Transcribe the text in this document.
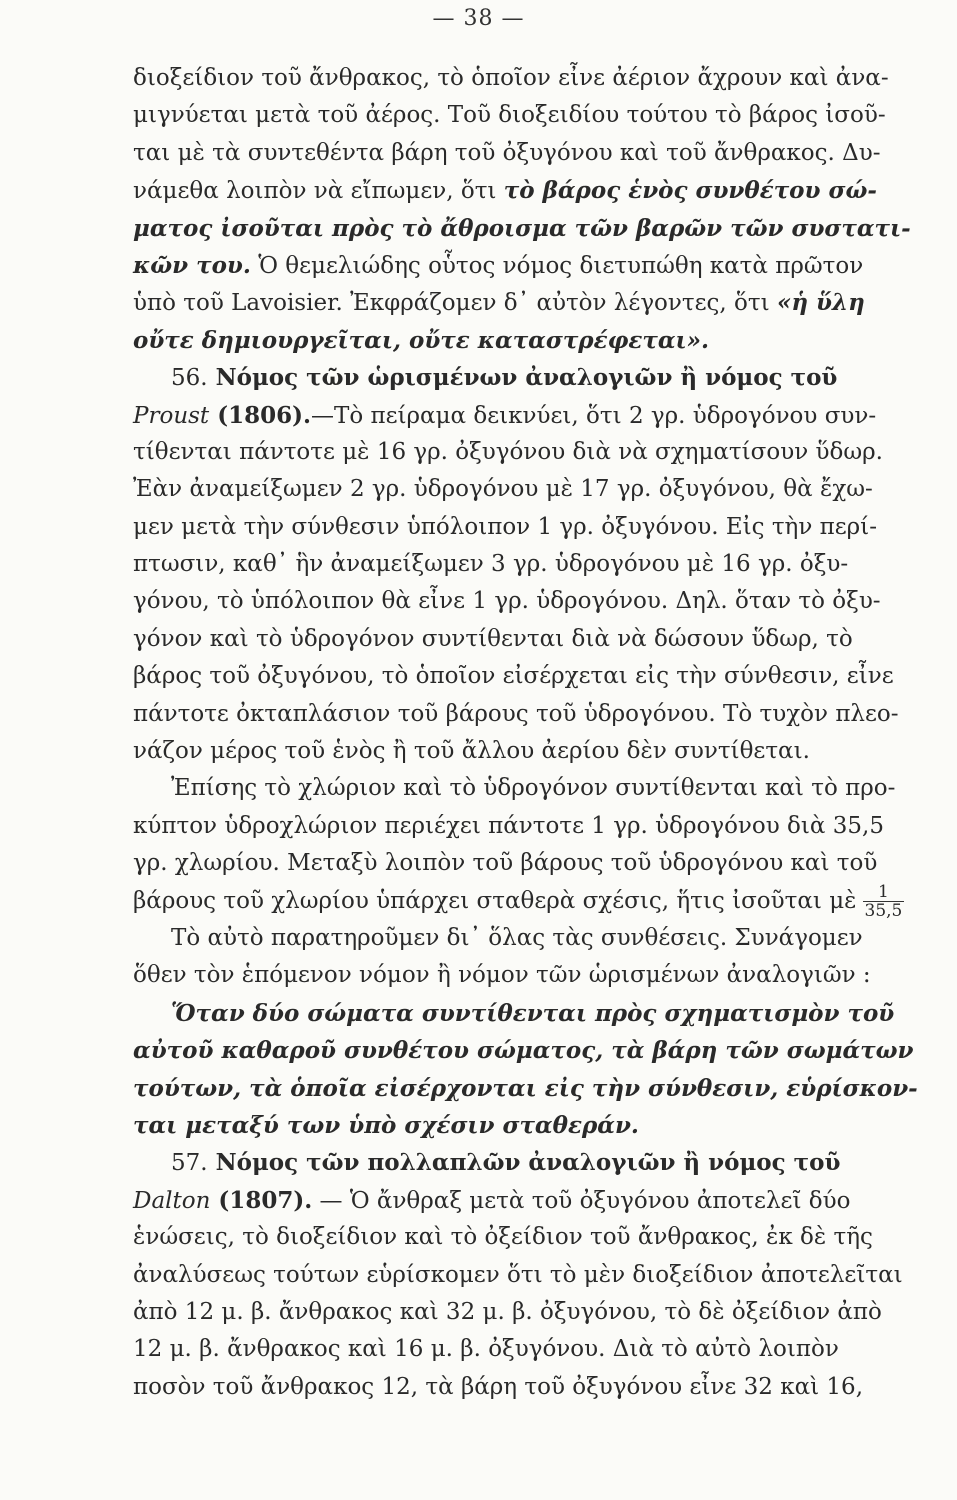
— 38 —
διοξείδιον τοῦ ἄνθρακος, τὸ ὁποῖον εἶνε ἀέριον ἄχρουν καὶ ἀνα-
μιγνύεται μετὰ τοῦ ἀέρος. Τοῦ διοξειδίου τούτου τὸ βάρος ἰσοῦ-
ται μὲ τὰ συντεθέντα βάρη τοῦ ὀξυγόνου καὶ τοῦ ἄνθρακος. Δυ-
νάμεθα λοιπὸν νὰ εἴπωμεν, ὅτι τὸ βάρος ἑνὸς συνθέτου σώ-
ματος ἰσοῦται πρὸς τὸ ἄθροισμα τῶν βαρῶν τῶν συστατι-
κῶν του. Ὁ θεμελιώδης οὗτος νόμος διετυπώθη κατὰ πρῶτον
ὑπὸ τοῦ Lavoisier. Ἐκφράζομεν δ᾽ αὐτὸν λέγοντες, ὅτι «ἡ ὕλη
οὔτε δημιουργεῖται, οὔτε καταστρέφεται».
56. Νόμος τῶν ὡρισμένων ἀναλογιῶν ἢ νόμος τοῦ
Proust (1806).—Τὸ πείραμα δεικνύει, ὅτι 2 γρ. ὑδρογόνου συν-
τίθενται πάντοτε μὲ 16 γρ. ὀξυγόνου διὰ νὰ σχηματίσουν ὕδωρ.
Ἐὰν ἀναμείξωμεν 2 γρ. ὑδρογόνου μὲ 17 γρ. ὀξυγόνου, θὰ ἔχω-
μεν μετὰ τὴν σύνθεσιν ὑπόλοιπον 1 γρ. ὀξυγόνου. Εἰς τὴν περί-
πτωσιν, καθ᾽ ἣν ἀναμείξωμεν 3 γρ. ὑδρογόνου μὲ 16 γρ. ὀξυ-
γόνου, τὸ ὑπόλοιπον θὰ εἶνε 1 γρ. ὑδρογόνου. Δηλ. ὅταν τὸ ὀξυ-
γόνον καὶ τὸ ὑδρογόνον συντίθενται διὰ νὰ δώσουν ὕδωρ, τὸ
βάρος τοῦ ὀξυγόνου, τὸ ὁποῖον εἰσέρχεται εἰς τὴν σύνθεσιν, εἶνε
πάντοτε ὀκταπλάσιον τοῦ βάρους τοῦ ὑδρογόνου. Τὸ τυχὸν πλεο-
νάζον μέρος τοῦ ἑνὸς ἢ τοῦ ἄλλου ἀερίου δὲν συντίθεται.
Ἐπίσης τὸ χλώριον καὶ τὸ ὑδρογόνον συντίθενται καὶ τὸ προ-
κύπτον ὑδροχλώριον περιέχει πάντοτε 1 γρ. ὑδρογόνου διὰ 35,5
γρ. χλωρίου. Μεταξὺ λοιπὸν τοῦ βάρους τοῦ ὑδρογόνου καὶ τοῦ
βάρους τοῦ χλωρίου ὑπάρχει σταθερὰ σχέσις, ἥτις ἰσοῦται μὲ $\frac{1}{35,5}$
Τὸ αὐτὸ παρατηροῦμεν δι᾽ ὅλας τὰς συνθέσεις. Συνάγομεν
ὅθεν τὸν ἑπόμενον νόμον ἢ νόμον τῶν ὡρισμένων ἀναλογιῶν :
Ὅταν δύο σώματα συντίθενται πρὸς σχηματισμὸν τοῦ
αὐτοῦ καθαροῦ συνθέτου σώματος, τὰ βάρη τῶν σωμάτων
τούτων, τὰ ὁποῖα εἰσέρχονται εἰς τὴν σύνθεσιν, εὑρίσκον-
ται μεταξύ των ὑπὸ σχέσιν σταθεράν.
57. Νόμος τῶν πολλαπλῶν ἀναλογιῶν ἢ νόμος τοῦ
Dalton (1807). — Ὁ ἄνθραξ μετὰ τοῦ ὀξυγόνου ἀποτελεῖ δύο
ἑνώσεις, τὸ διοξείδιον καὶ τὸ ὀξείδιον τοῦ ἄνθρακος, ἐκ δὲ τῆς
ἀναλύσεως τούτων εὑρίσκομεν ὅτι τὸ μὲν διοξείδιον ἀποτελεῖται
ἀπὸ 12 μ. β. ἄνθρακος καὶ 32 μ. β. ὀξυγόνου, τὸ δὲ ὀξείδιον ἀπὸ
12 μ. β. ἄνθρακος καὶ 16 μ. β. ὀξυγόνου. Διὰ τὸ αὐτὸ λοιπὸν
ποσὸν τοῦ ἄνθρακος 12, τὰ βάρη τοῦ ὀξυγόνου εἶνε 32 καὶ 16,
